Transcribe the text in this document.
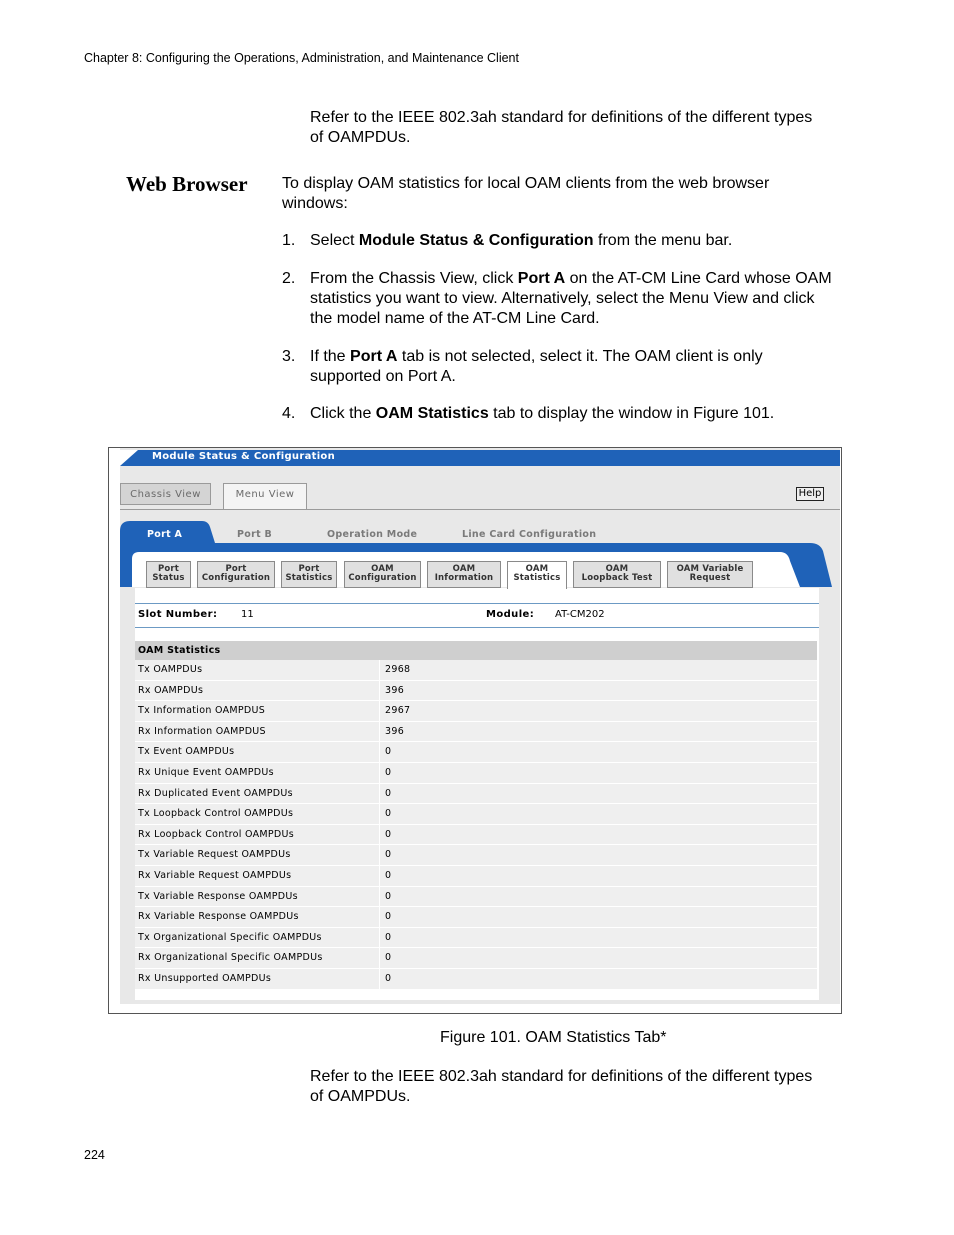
Chapter 8: Configuring the Operations, Administration, and Maintenance Client
Refer to the IEEE 802.3ah standard for definitions of the different types of OAMPDUs.
Web Browser To display OAM statistics for local OAM clients from the web browser windows:
1. Select Module Status & Configuration from the menu bar.
2. From the Chassis View, click Port A on the AT-CM Line Card whose OAM statistics you want to view. Alternatively, select the Menu View and click the model name of the AT-CM Line Card.
3. If the Port A tab is not selected, select it. The OAM client is only supported on Port A.
4. Click the OAM Statistics tab to display the window in Figure 101.
Module Status & Configuration
Chassis View	Menu View	Help
Port A	Port B	Operation Mode	Line Card Configuration
Port
Status
Port
Configuration
Port
Statistics
OAM
Configuration
OAM
Information
OAM
Statistics
OAM
Loopback Test
OAM Variable
Request
Slot Number: 11	Module: AT-CM202
OAM Statistics
Tx OAMPDUs	2968
Rx OAMPDUs	396
Tx Information OAMPDUS	2967
Rx Information OAMPDUS	396
Tx Event OAMPDUs	0
Rx Unique Event OAMPDUs	0
Rx Duplicated Event OAMPDUs	0
Tx Loopback Control OAMPDUs	0
Rx Loopback Control OAMPDUs	0
Tx Variable Request OAMPDUs	0
Rx Variable Request OAMPDUs	0
Tx Variable Response OAMPDUs	0
Rx Variable Response OAMPDUs	0
Tx Organizational Specific OAMPDUs	0
Rx Organizational Specific OAMPDUs	0
Rx Unsupported OAMPDUs	0
Figure 101. OAM Statistics Tab*
Refer to the IEEE 802.3ah standard for definitions of the different types of OAMPDUs.
224
